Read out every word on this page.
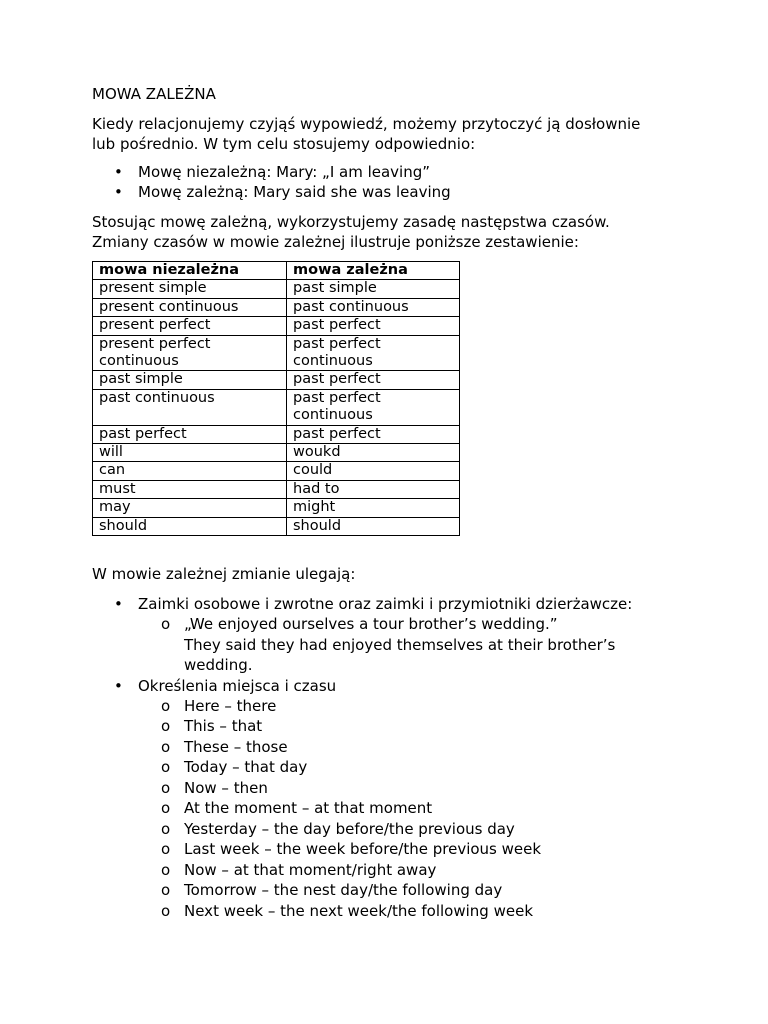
MOWA ZALEŻNA
Kiedy relacjonujemy czyjąś wypowiedź, możemy przytoczyć ją dosłownie
lub pośrednio. W tym celu stosujemy odpowiednio:
• Mowę niezależną: Mary: „I am leaving”
• Mowę zależną: Mary said she was leaving
Stosując mowę zależną, wykorzystujemy zasadę następstwa czasów.
Zmiany czasów w mowie zależnej ilustruje poniższe zestawienie:
mowa niezależna	mowa zależna
present simple	past simple
present continuous	past continuous
present perfect	past perfect
present perfect continuous	past perfect continuous
past simple	past perfect
past continuous	past perfect continuous
past perfect	past perfect
will	woukd
can	could
must	had to
may	might
should	should
W mowie zależnej zmianie ulegają:
• Zaimki osobowe i zwrotne oraz zaimki i przymiotniki dzierżawcze:
o „We enjoyed ourselves a tour brother’s wedding.”
They said they had enjoyed themselves at their brother’s
wedding.
• Określenia miejsca i czasu
o Here – there
o This – that
o These – those
o Today – that day
o Now – then
o At the moment – at that moment
o Yesterday – the day before/the previous day
o Last week – the week before/the previous week
o Now – at that moment/right away
o Tomorrow – the nest day/the following day
o Next week – the next week/the following week
